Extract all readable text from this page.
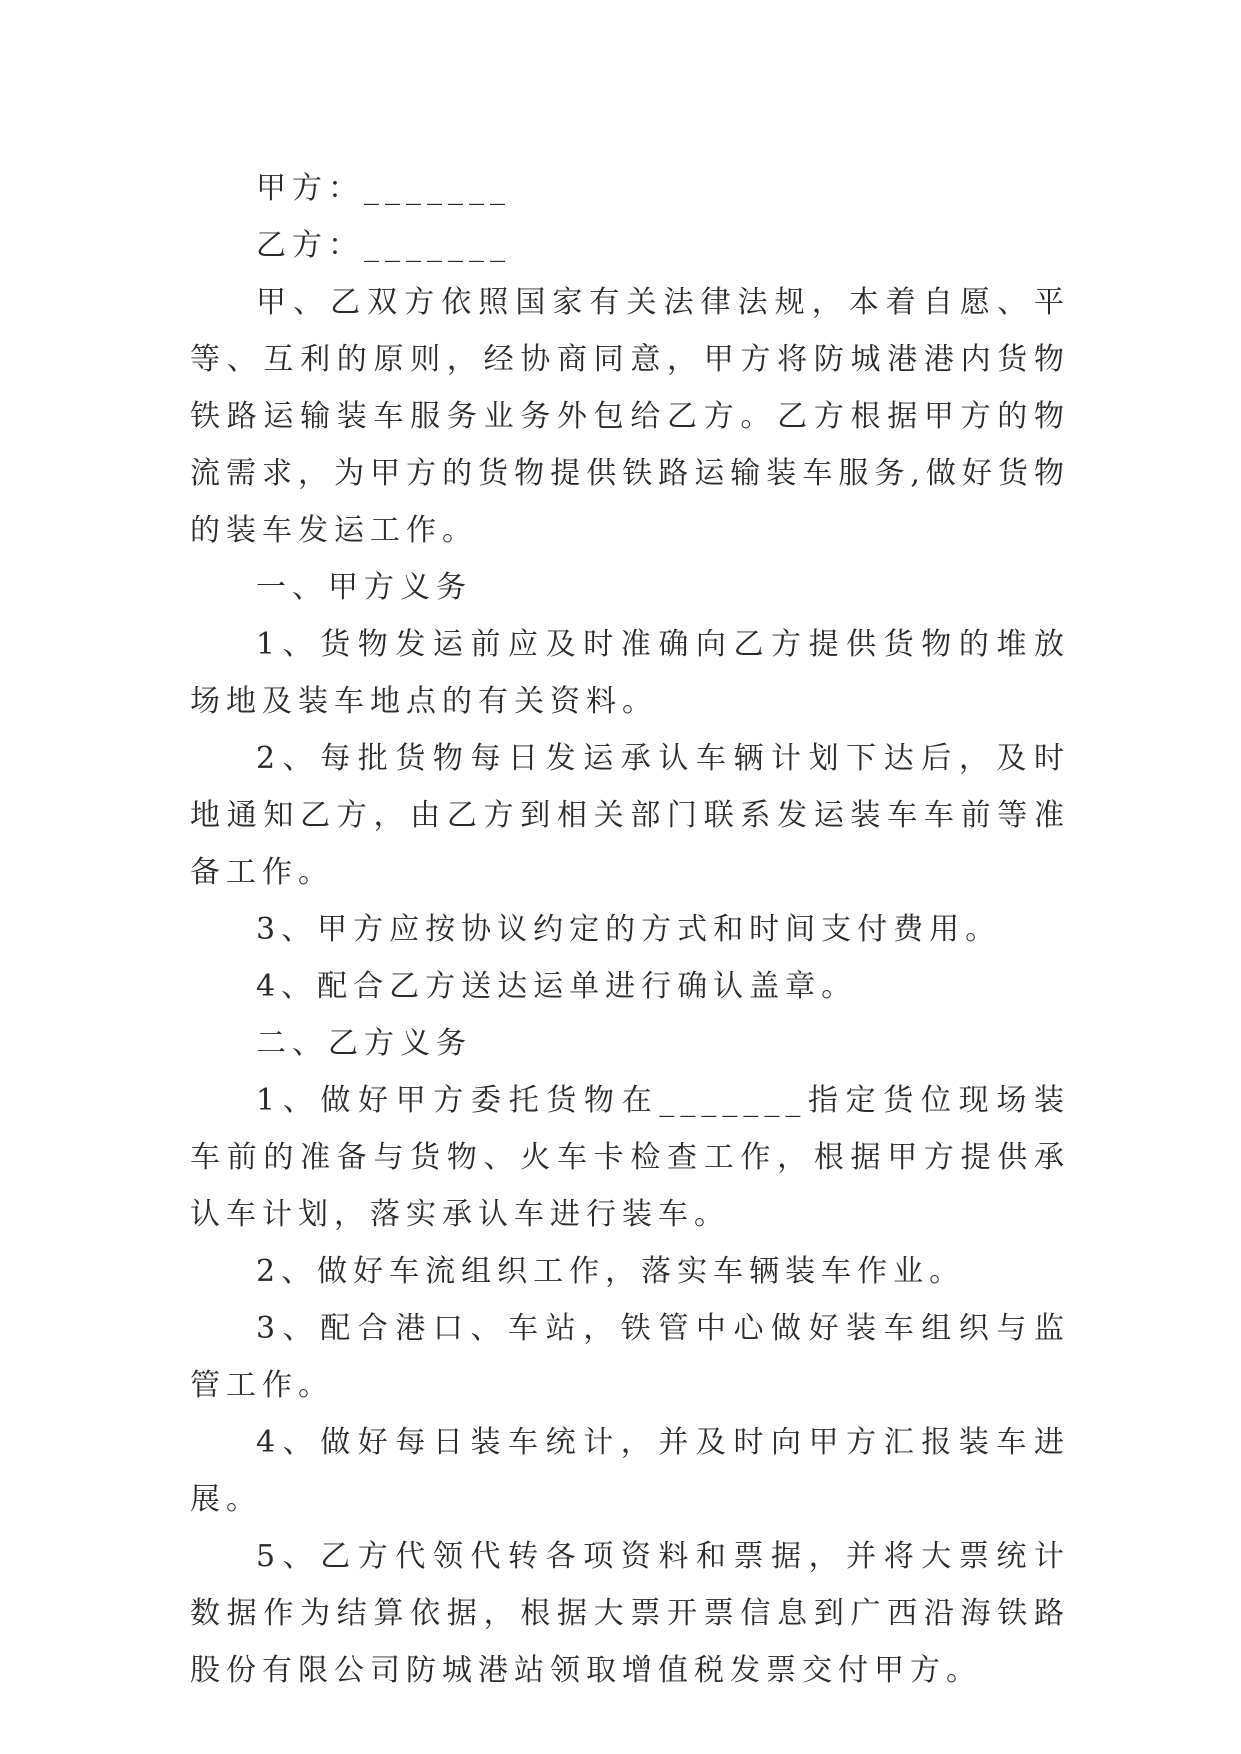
甲方：_______

乙方：_______

甲、乙双方依照国家有关法律法规，本着自愿、平等、互利的原则，经协商同意，甲方将防城港港内货物铁路运输装车服务业务外包给乙方。乙方根据甲方的物流需求，为甲方的货物提供铁路运输装车服务,做好货物的装车发运工作。

一、甲方义务

1、货物发运前应及时准确向乙方提供货物的堆放场地及装车地点的有关资料。

2、每批货物每日发运承认车辆计划下达后，及时地通知乙方，由乙方到相关部门联系发运装车车前等准备工作。

3、甲方应按协议约定的方式和时间支付费用。

4、配合乙方送达运单进行确认盖章。

二、乙方义务

1、做好甲方委托货物在_______指定货位现场装车前的准备与货物、火车卡检查工作，根据甲方提供承认车计划，落实承认车进行装车。

2、做好车流组织工作，落实车辆装车作业。

3、配合港口、车站，铁管中心做好装车组织与监管工作。

4、做好每日装车统计，并及时向甲方汇报装车进展。

5、乙方代领代转各项资料和票据，并将大票统计数据作为结算依据，根据大票开票信息到广西沿海铁路股份有限公司防城港站领取增值税发票交付甲方。
